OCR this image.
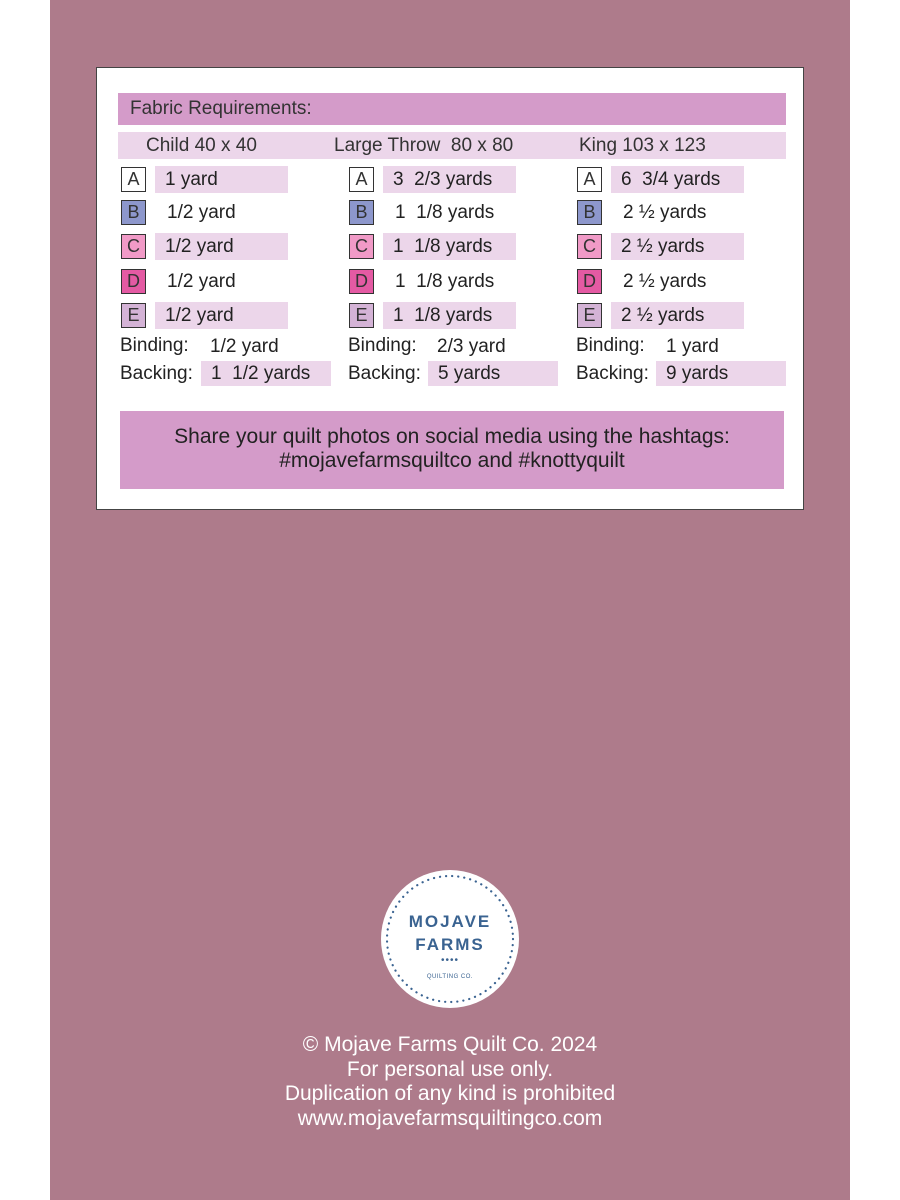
Fabric Requirements:
Child 40 x 40	Large Throw  80 x 80	King 103 x 123
A	1 yard	A	3  2/3 yards	A	6  3/4 yards
B	1/2 yard	B	1  1/8 yards	B	2 ½ yards
C	1/2 yard	C	1  1/8 yards	C	2 ½ yards
D	1/2 yard	D	1  1/8 yards	D	2 ½ yards
E	1/2 yard	E	1  1/8 yards	E	2 ½ yards
Binding:	1/2 yard	Binding:	2/3 yard	Binding:	1 yard
Backing: 1  1/2 yards	Backing: 5 yards	Backing: 9 yards
Share your quilt photos on social media using the hashtags:
#mojavefarmsquiltco and #knottyquilt
MOJAVE
FARMS
••••
QUILTING CO.
© Mojave Farms Quilt Co. 2024
For personal use only.
Duplication of any kind is prohibited
www.mojavefarmsquiltingco.com
